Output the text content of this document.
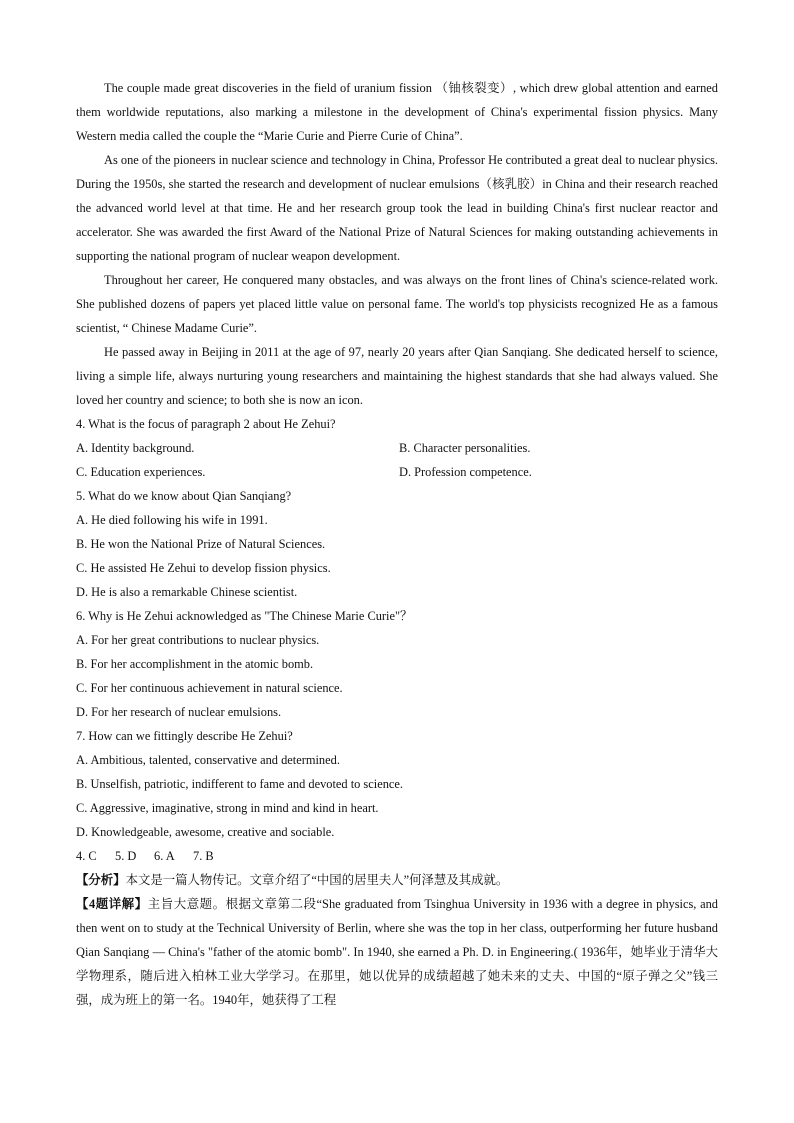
The couple made great discoveries in the field of uranium fission （铀核裂变）, which drew global attention and earned them worldwide reputations, also marking a milestone in the development of China's experimental fission physics. Many Western media called the couple the “Marie Curie and Pierre Curie of China”.

As one of the pioneers in nuclear science and technology in China, Professor He contributed a great deal to nuclear physics. During the 1950s, she started the research and development of nuclear emulsions（核乳胶）in China and their research reached the advanced world level at that time. He and her research group took the lead in building China's first nuclear reactor and accelerator. She was awarded the first Award of the National Prize of Natural Sciences for making outstanding achievements in supporting the national program of nuclear weapon development.

Throughout her career, He conquered many obstacles, and was always on the front lines of China's science-related work. She published dozens of papers yet placed little value on personal fame. The world's top physicists recognized He as a famous scientist, “ Chinese Madame Curie”.

He passed away in Beijing in 2011 at the age of 97, nearly 20 years after Qian Sanqiang. She dedicated herself to science, living a simple life, always nurturing young researchers and maintaining the highest standards that she had always valued. She loved her country and science; to both she is now an icon.

4. What is the focus of paragraph 2 about He Zehui?

A. Identity background.	B. Character personalities.
C. Education experiences.	D. Profession competence.

5. What do we know about Qian Sanqiang?

A. He died following his wife in 1991.

B. He won the National Prize of Natural Sciences.

C. He assisted He Zehui to develop fission physics.

D. He is also a remarkable Chinese scientist.

6. Why is He Zehui acknowledged as "The Chinese Marie Curie"？

A. For her great contributions to nuclear physics.

B. For her accomplishment in the atomic bomb.

C. For her continuous achievement in natural science.

D. For her research of nuclear emulsions.

7. How can we fittingly describe He Zehui?

A. Ambitious, talented, conservative and determined.

B. Unselfish, patriotic, indifferent to fame and devoted to science.

C. Aggressive, imaginative, strong in mind and kind in heart.

D. Knowledgeable, awesome, creative and sociable.

4. C	5. D	6. A	7. B

【分析】本文是一篇人物传记。文章介绍了“中国的居里夫人”何泽慧及其成就。

【4题详解】主旨大意题。根据文章第二段“She graduated from Tsinghua University in 1936 with a degree in physics, and then went on to study at the Technical University of Berlin, where she was the top in her class, outperforming her future husband Qian Sanqiang — China's "father of the atomic bomb". In 1940, she earned a Ph. D. in Engineering.( 1936年，她毕业于清华大学物理系，随后进入柏林工业大学学习。在那里，她以优异的成绩超越了她未来的丈夫、中国的“原子弹之父”钱三强，成为班上的第一名。1940年，她获得了工程
